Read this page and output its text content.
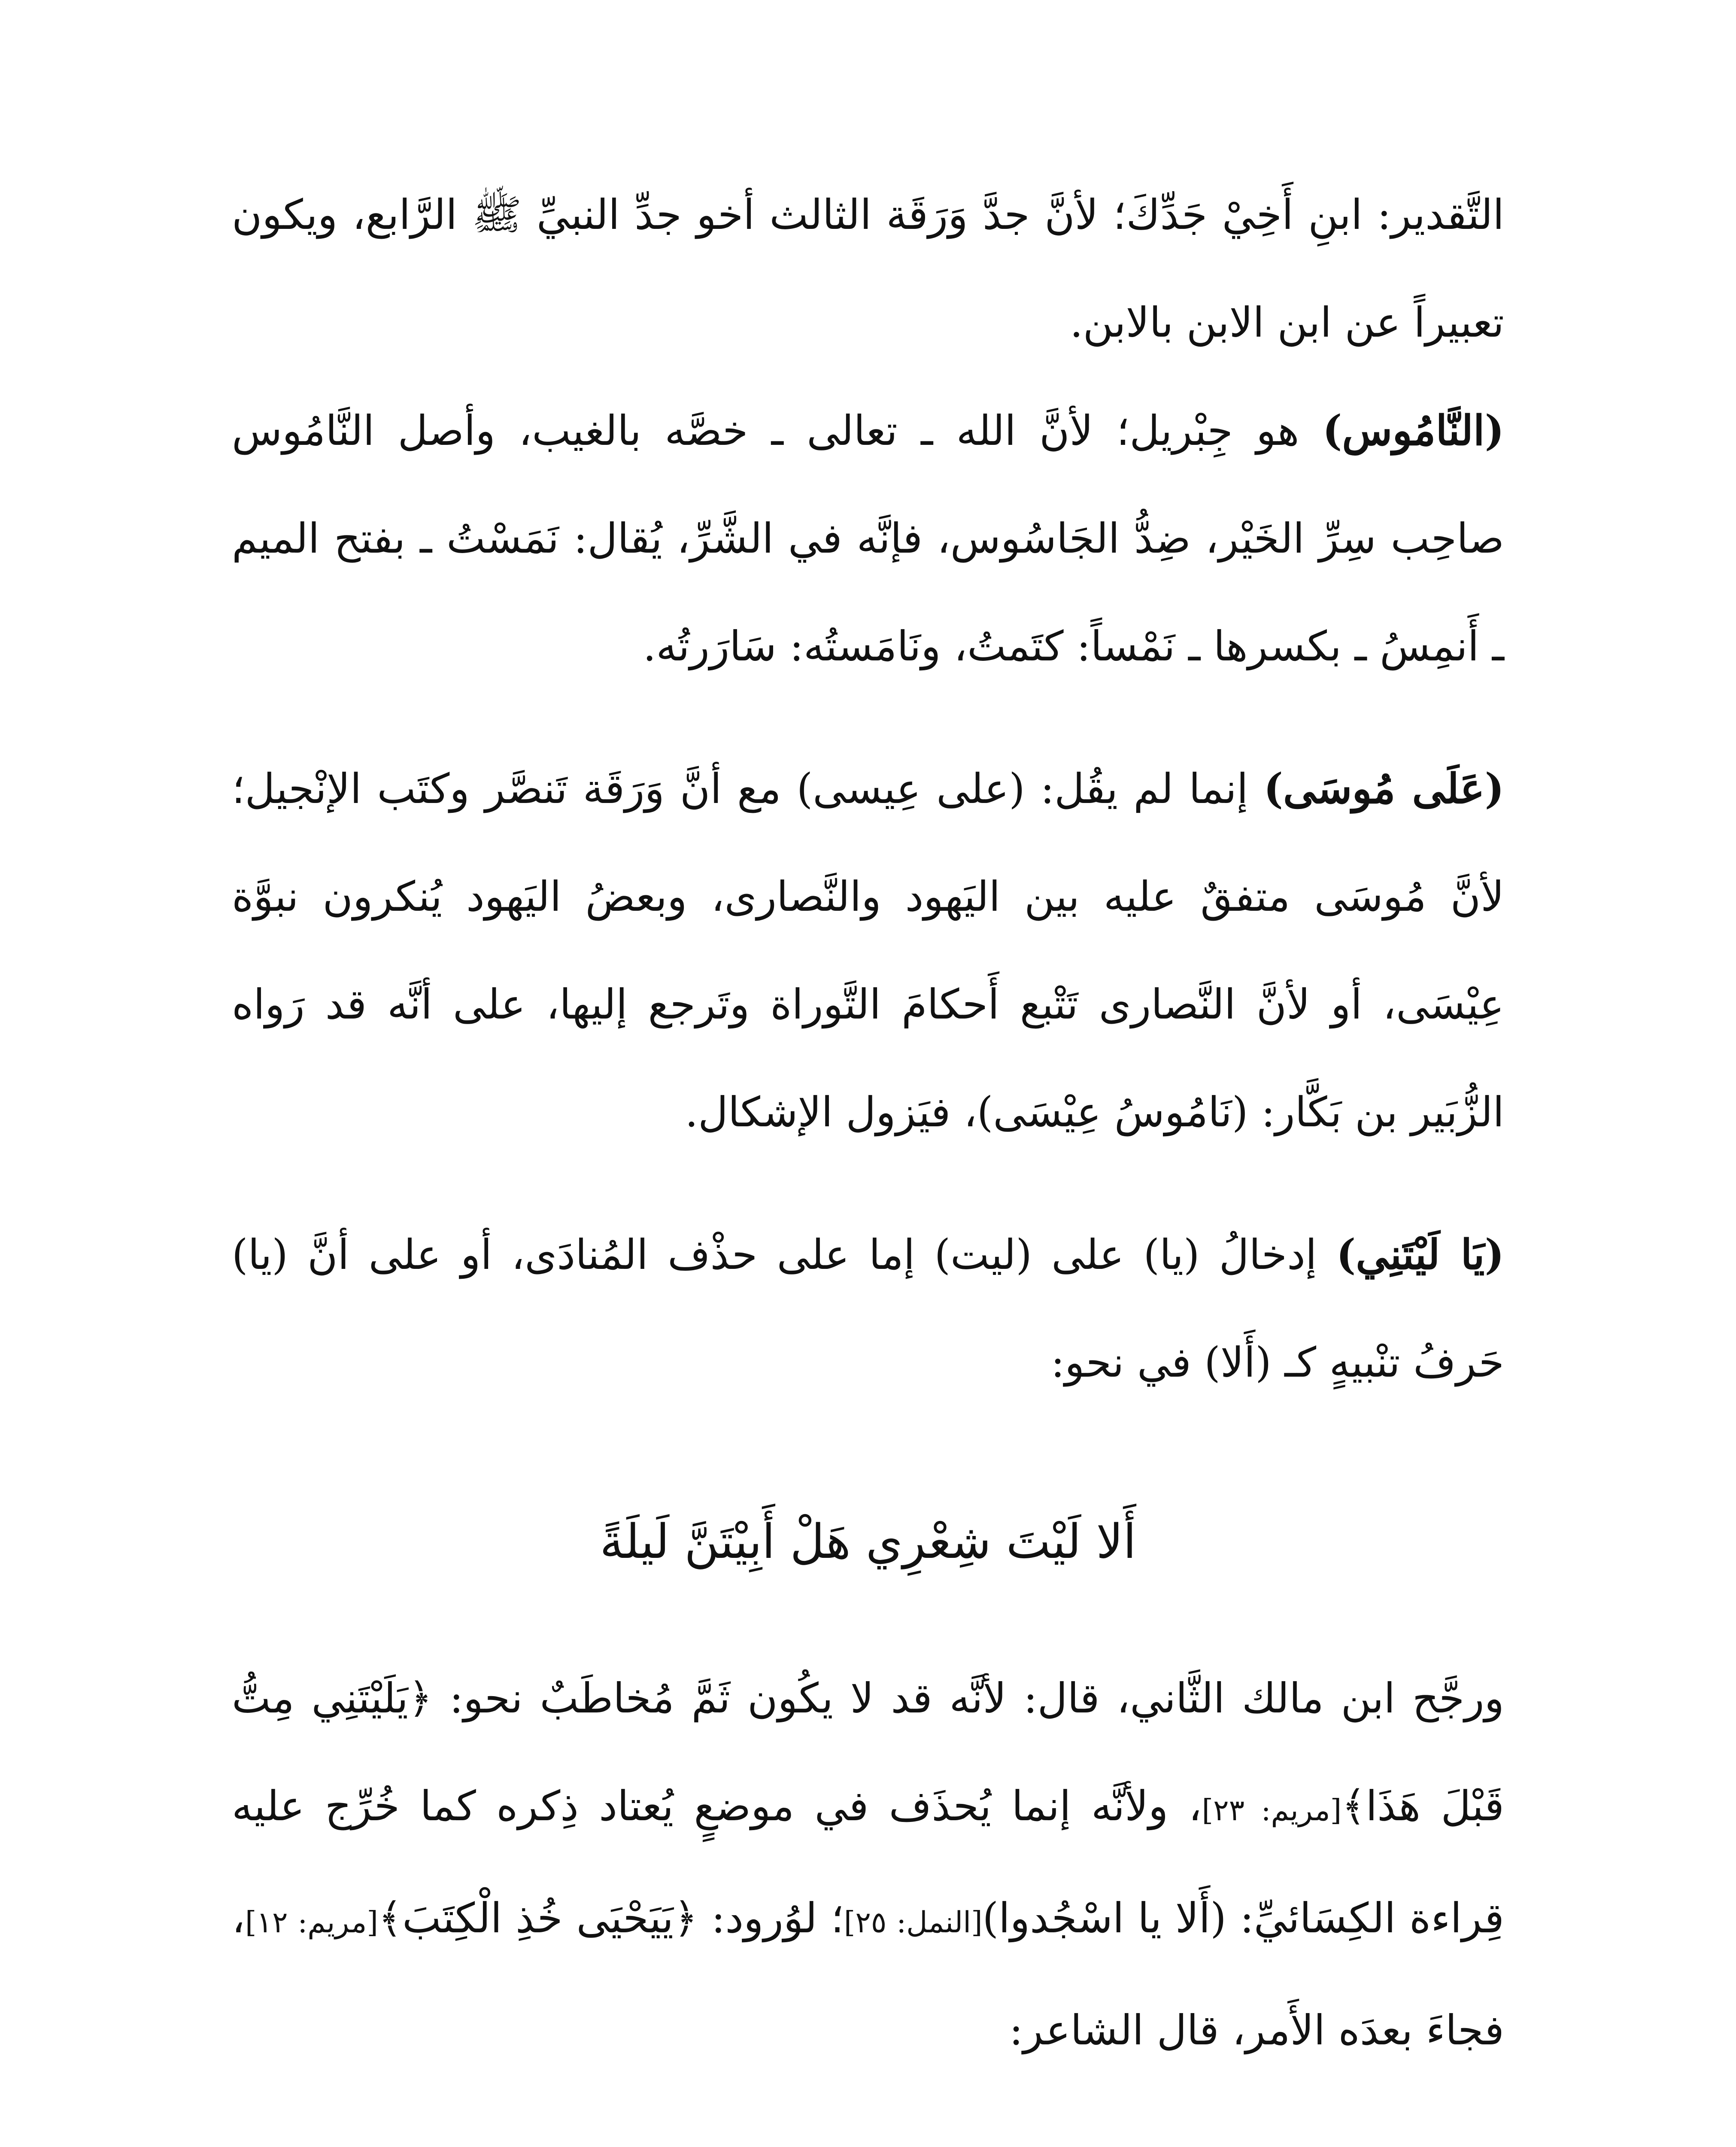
التَّقدير: ابنِ أَخِيْ جَدِّكَ؛ لأنَّ جدَّ وَرَقَة الثالث أخو جدِّ النبيِّ ﷺ الرَّابع، ويكون تعبيراً عن ابن الابن بالابن.

(النَّامُوس) هو جِبْريل؛ لأنَّ الله ـ تعالى ـ خصَّه بالغيب، وأصل النَّامُوس صاحِب سِرِّ الخَيْر، ضِدُّ الجَاسُوس، فإنَّه في الشَّرِّ، يُقال: نَمَسْتُ ـ بفتح الميم ـ أَنمِسُ ـ بكسرها ـ نَمْساً: كتَمتُ، ونَامَستُه: سَارَرتُه.

(عَلَى مُوسَى) إنما لم يقُل: (على عِيسى) مع أنَّ وَرَقَة تَنصَّر وكتَب الإنْجيل؛ لأنَّ مُوسَى متفقٌ عليه بين اليَهود والنَّصارى، وبعضُ اليَهود يُنكرون نبوَّة عِيْسَى، أو لأنَّ النَّصارى تَتْبع أَحكامَ التَّوراة وتَرجع إليها، على أنَّه قد رَواه الزُّبَير بن بَكَّار: (نَامُوسُ عِيْسَى)، فيَزول الإشكال.

(يَا لَيْتَنِي) إدخالُ (يا) على (ليت) إما على حذْف المُنادَى، أو على أنَّ (يا) حَرفُ تنْبيهٍ كـ (أَلا) في نحو:

أَلا لَيْتَ شِعْرِي هَلْ أَبِيْتَنَّ لَيلَةً

ورجَّح ابن مالك الثَّاني، قال: لأنَّه قد لا يكُون ثَمَّ مُخاطَبٌ نحو: ﴿يَلَيْتَنِي مِتُّ قَبْلَ هَذَا﴾[مريم: ٢٣]، ولأنَّه إنما يُحذَف في موضعٍ يُعتاد ذِكره كما خُرِّج عليه قِراءة الكِسَائيِّ: (أَلا يا اسْجُدوا)[النمل: ٢٥]؛ لوُرود: ﴿يَيَحْيَى خُذِ الْكِتَبَ﴾[مريم: ١٢]، فجاءَ بعدَه الأَمر، قال الشاعر:
